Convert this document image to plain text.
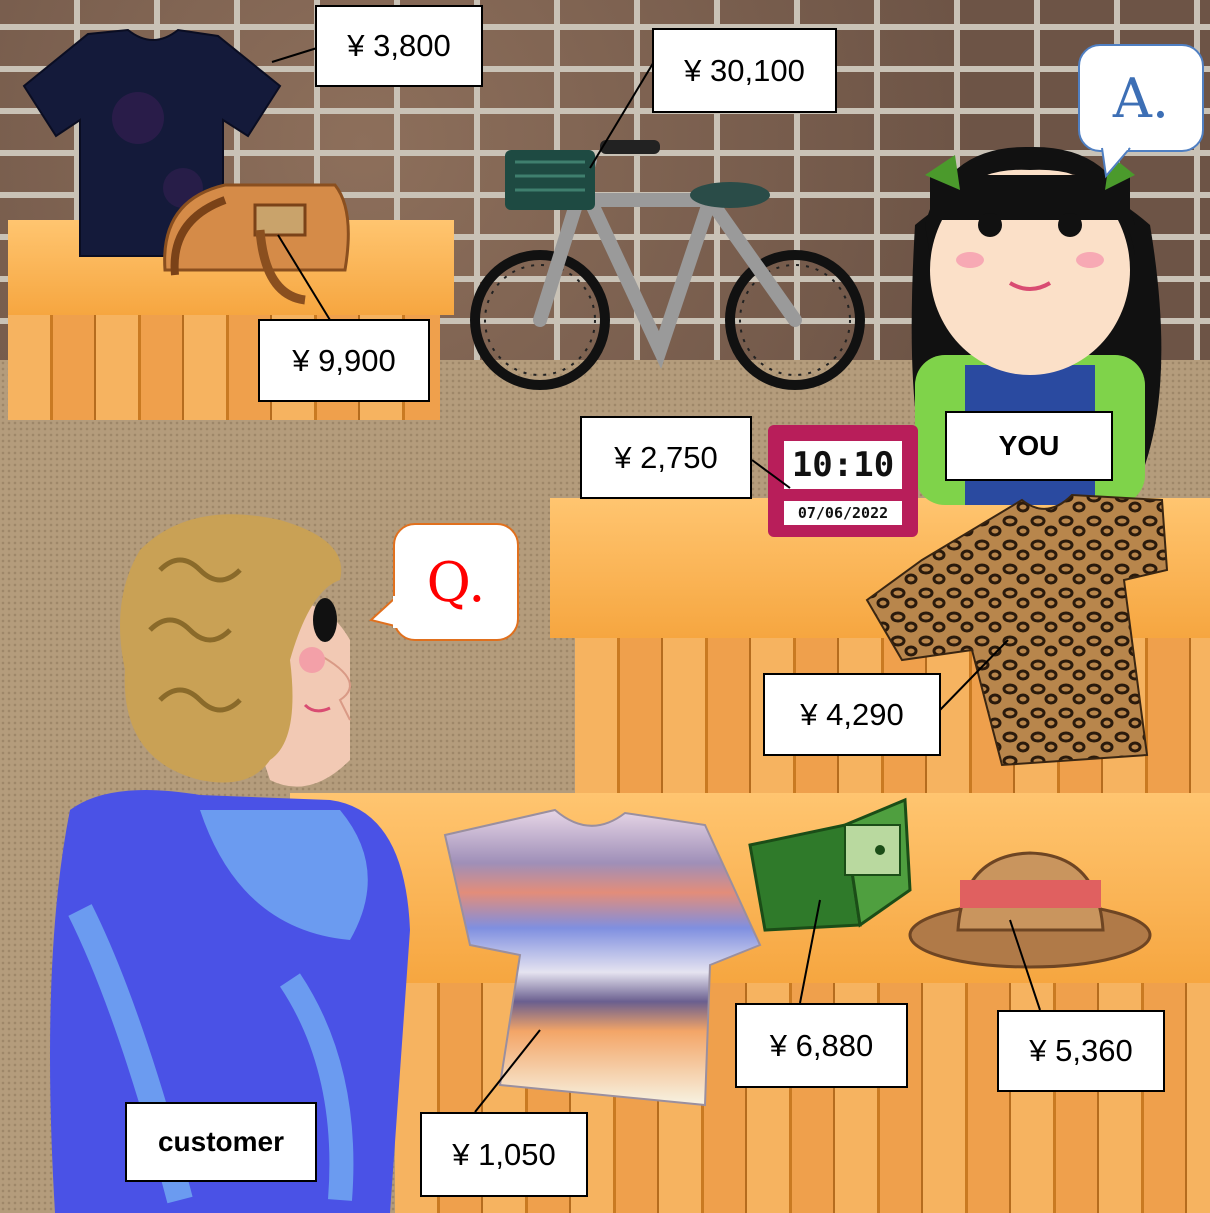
10:10
07/06/2022
¥ 3,800
¥ 30,100
¥ 9,900
¥ 2,750
¥ 4,290
¥ 1,050
¥ 6,880	¥ 5,360
YOU
customer
A.
Q.
